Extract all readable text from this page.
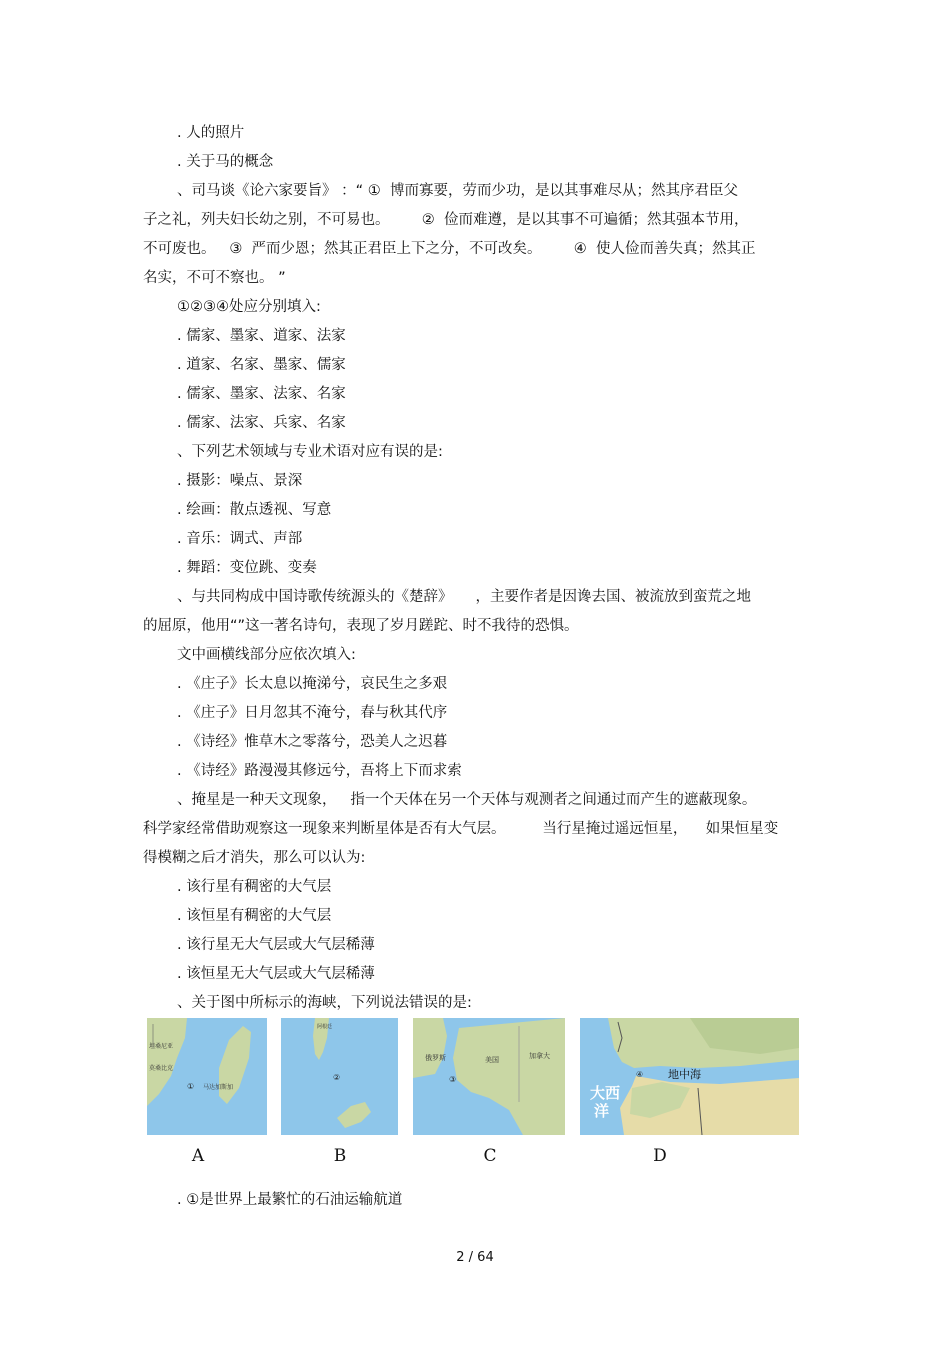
. 人的照片
. 关于马的概念
、司马谈《论六家要旨》 ：“ ①  博而寡要，劳而少功，是以其事难尽从；然其序君臣父
子之礼，列夫妇长幼之别，不可易也。       ②  俭而难遵，是以其事不可遍循；然其强本节用，
不可废也。   ③  严而少恩；然其正君臣上下之分，不可改矣。       ④  使人俭而善失真；然其正
名实，不可不察也。 ”
①②③④处应分别填入:
. 儒家、墨家、道家、法家
. 道家、名家、墨家、儒家
. 儒家、墨家、法家、名家
. 儒家、法家、兵家、名家
、下列艺术领域与专业术语对应有误的是:
. 摄影：噪点、景深
. 绘画：散点透视、写意
. 音乐：调式、声部
. 舞蹈：变位跳、变奏
、与共同构成中国诗歌传统源头的《楚辞》     ，主要作者是因谗去国、被流放到蛮荒之地
的屈原，他用“”这一著名诗句，表现了岁月蹉跎、时不我待的恐惧。
文中画横线部分应依次填入:
. 《庄子》长太息以掩涕兮，哀民生之多艰
. 《庄子》日月忽其不淹兮，春与秋其代序
. 《诗经》惟草木之零落兮，恐美人之迟暮
. 《诗经》路漫漫其修远兮，吾将上下而求索
、掩星是一种天文现象，   指一个天体在另一个天体与观测者之间通过而产生的遮蔽现象。
科学家经常借助观察这一现象来判断星体是否有大气层。        当行星掩过遥远恒星，    如果恒星变
得模糊之后才消失，那么可以认为:
. 该行星有稠密的大气层
. 该恒星有稠密的大气层
. 该行星无大气层或大气层稀薄
. 该恒星无大气层或大气层稀薄
、关于图中所标示的海峡，下列说法错误的是:
坦桑尼亚
莫桑比克
马达加斯加
①
阿根廷
②
俄罗斯	美国	加拿大
③
大西
洋
地中海
④
A	B	C	D
. ①是世界上最繁忙的石油运输航道
2 / 64
